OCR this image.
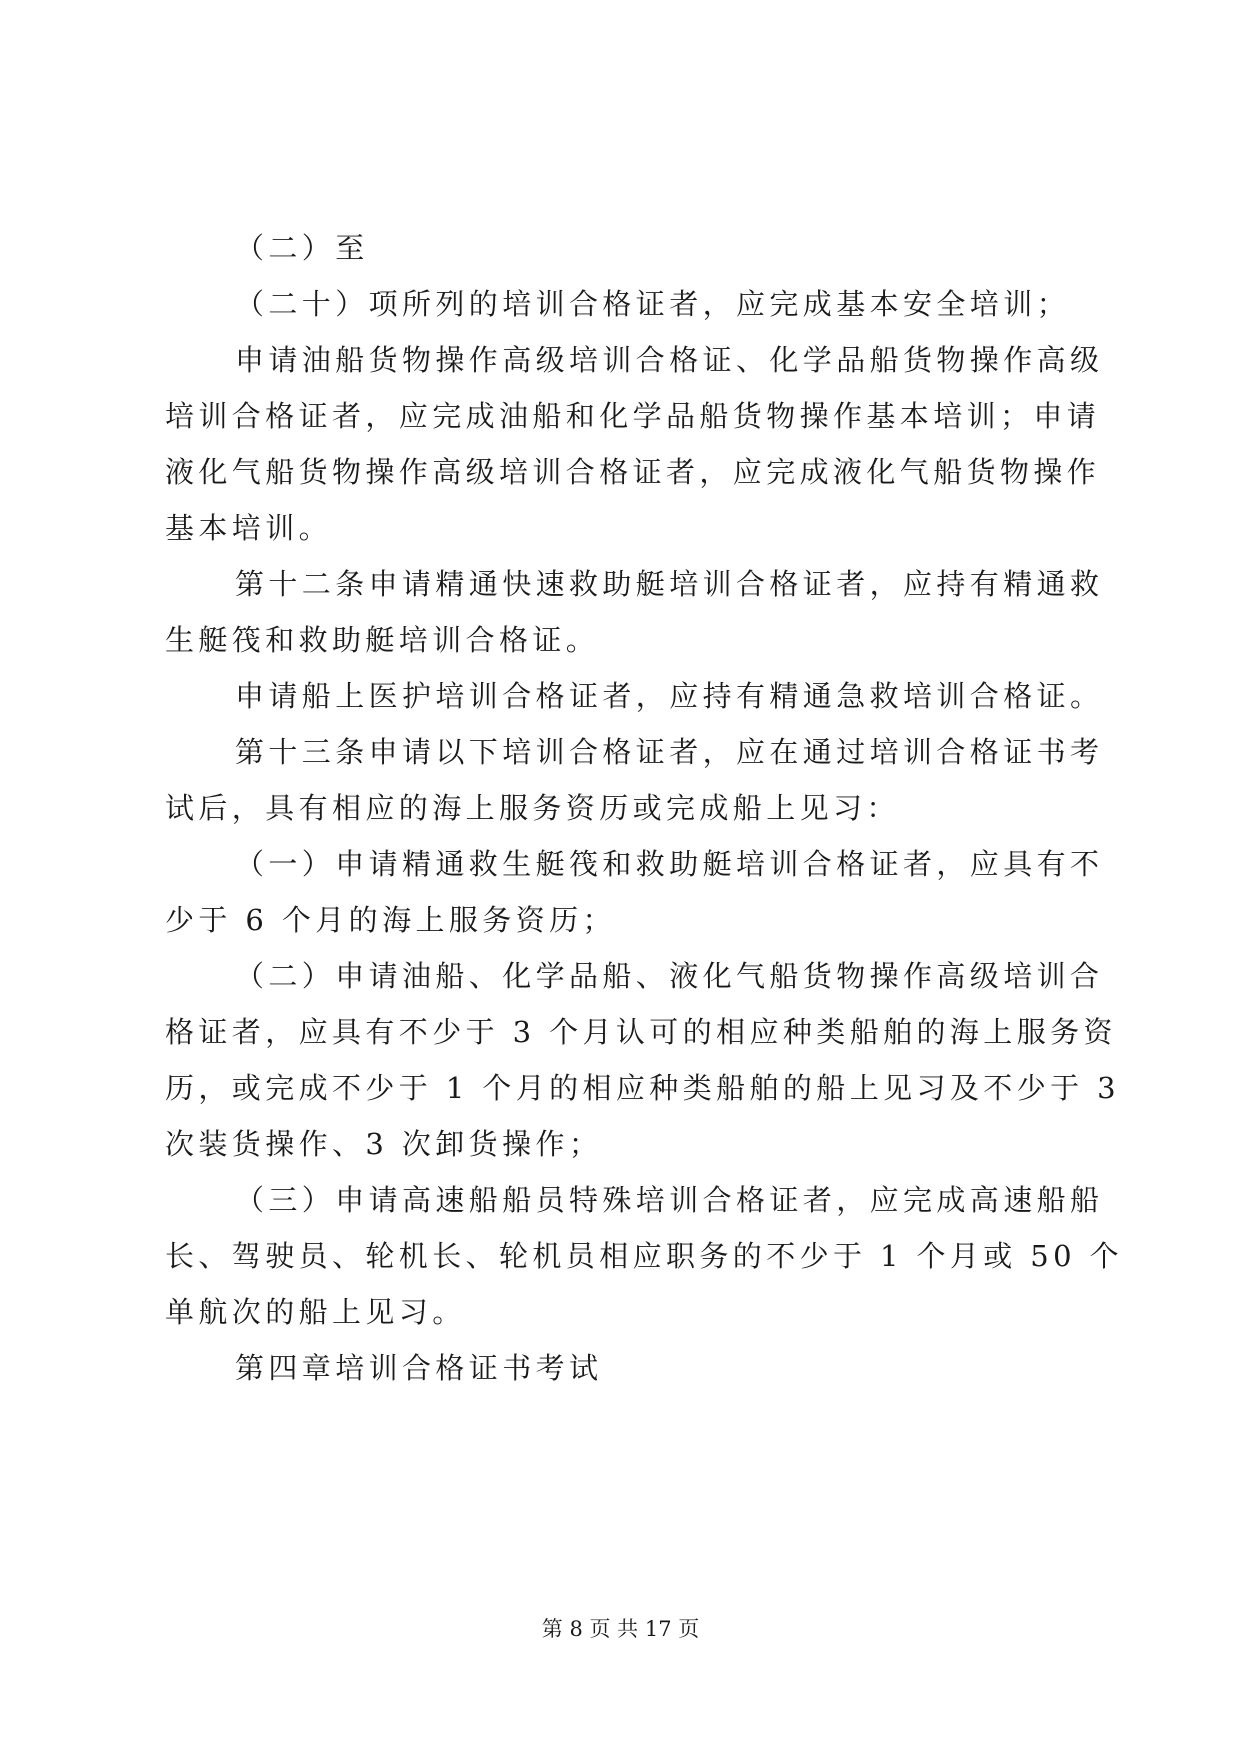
（二）至
（二十）项所列的培训合格证者，应完成基本安全培训；
申请油船货物操作高级培训合格证、化学品船货物操作高级
培训合格证者，应完成油船和化学品船货物操作基本培训；申请
液化气船货物操作高级培训合格证者，应完成液化气船货物操作
基本培训。
第十二条申请精通快速救助艇培训合格证者，应持有精通救
生艇筏和救助艇培训合格证。
申请船上医护培训合格证者，应持有精通急救培训合格证。
第十三条申请以下培训合格证者，应在通过培训合格证书考
试后，具有相应的海上服务资历或完成船上见习：
（一）申请精通救生艇筏和救助艇培训合格证者，应具有不
少于 6 个月的海上服务资历；
（二）申请油船、化学品船、液化气船货物操作高级培训合
格证者，应具有不少于 3 个月认可的相应种类船舶的海上服务资
历，或完成不少于 1 个月的相应种类船舶的船上见习及不少于 3
次装货操作、3 次卸货操作；
（三）申请高速船船员特殊培训合格证者，应完成高速船船
长、驾驶员、轮机长、轮机员相应职务的不少于 1 个月或 50 个
单航次的船上见习。
第四章培训合格证书考试
第 8 页 共 17 页
